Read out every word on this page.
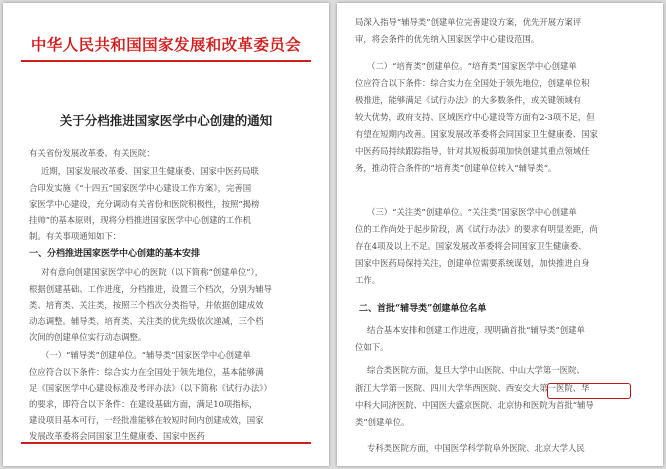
中华人民共和国国家发展和改革委员会
关于分档推进国家医学中心创建的通知
有关省份发展改革委、有关医院：
近期，国家发展改革委、国家卫生健康委、国家中医药局联
合印发实施《“十四五”国家医学中心建设工作方案》，完善国
家医学中心建设，充分调动有关省份和医院积极性，按照“揭榜
挂帅”的基本原则，现将分档推进国家医学中心创建的工作机
制。有关事项通知如下：
一、分档推进国家医学中心创建的基本安排
对有意向创建国家医学中心的医院（以下简称“创建单位”），
根据创建基础、工作进度，分档推进，设置三个档次，分别为辅导
类、培育类、关注类，按照三个档次分类指导，并依据创建成效
动态调整。辅导类、培育类、关注类的优先级依次递减，三个档
次间的创建单位实行动态调整。
（一）“辅导类”创建单位。“辅导类”国家医学中心创建单
位应符合以下条件：综合实力在全国处于领先地位，基本能够满
足《国家医学中心建设标准及考评办法》（以下简称《试行办法》）
的要求，即符合以下条件：在建设基础方面，满足10项指标，
建设项目基本可行，一经批准能够在较短时间内创建成效，国家
发展改革委将会同国家卫生健康委、国家中医药
局深入指导“辅导类”创建单位完善建设方案，优先开展方案评
审，将会条件的优先纳入国家医学中心建设范围。
（二）“培育类”创建单位。“培育类”国家医学中心创建单
位应符合以下条件：综合实力在全国处于领先地位，创建单位积
极推进，能够满足《试行办法》的大多数条件，或关键领域有
较大优势，政府支持、区域医疗中心建设等方面有2-3项不足，但
有望在短期内改善。国家发展改革委将会同国家卫生健康委、国家
中医药局持续跟踪指导，针对其短板弱项加快创建其重点领域任
务，推动符合条件的“培育类”创建单位转入“辅导类”。
（三）“关注类”创建单位。“关注类”国家医学中心创建单
位的工作尚处于起步阶段，离《试行办法》的要求有明显差距，尚
存在4项及以上不足。国家发展改革委将会同国家卫生健康委、
国家中医药局保持关注，创建单位需要系统谋划，加快推进自身
工作。
二、首批“辅导类”创建单位名单
结合基本安排和创建工作进度，现明确首批“辅导类”创建单
位如下。
综合类医院方面，复旦大学中山医院、中山大学第一医院、
浙江大学第一医院、四川大学华西医院、西安交大第一医院、华
中科大同济医院、中国医大盛京医院、北京协和医院为首批“辅导
类”创建单位。
专科类医院方面，中国医学科学院阜外医院、北京大学人民
